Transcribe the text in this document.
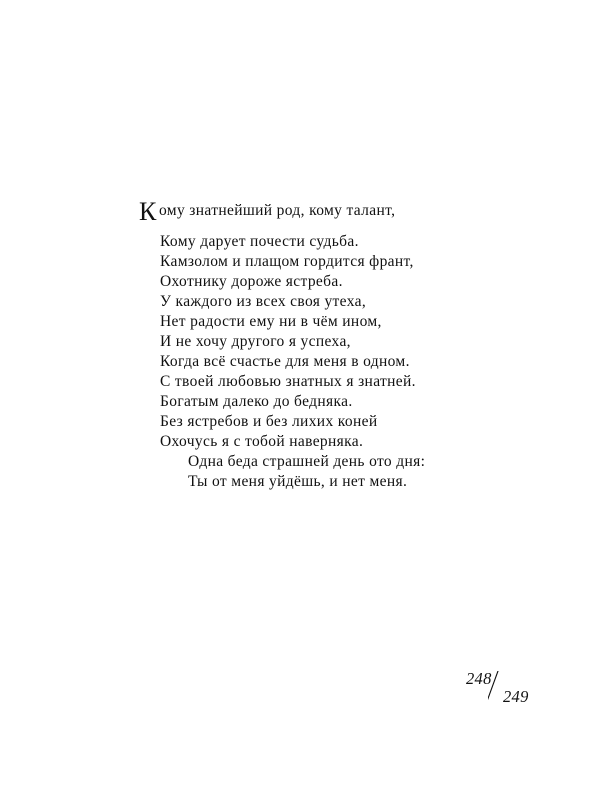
К ому знатнейший род, кому талант,
Кому дарует почести судьба.
Камзолом и плащом гордится франт,
Охотнику дороже ястреба.
У каждого из всех своя утеха,
Нет радости ему ни в чём ином,
И не хочу другого я успеха,
Когда всё счастье для меня в одном.
С твоей любовью знатных я знатней.
Богатым далеко до бедняка.
Без ястребов и без лихих коней
Охочусь я с тобой наверняка.
Одна беда страшней день ото дня:
Ты от меня уйдёшь, и нет меня.
248
249
